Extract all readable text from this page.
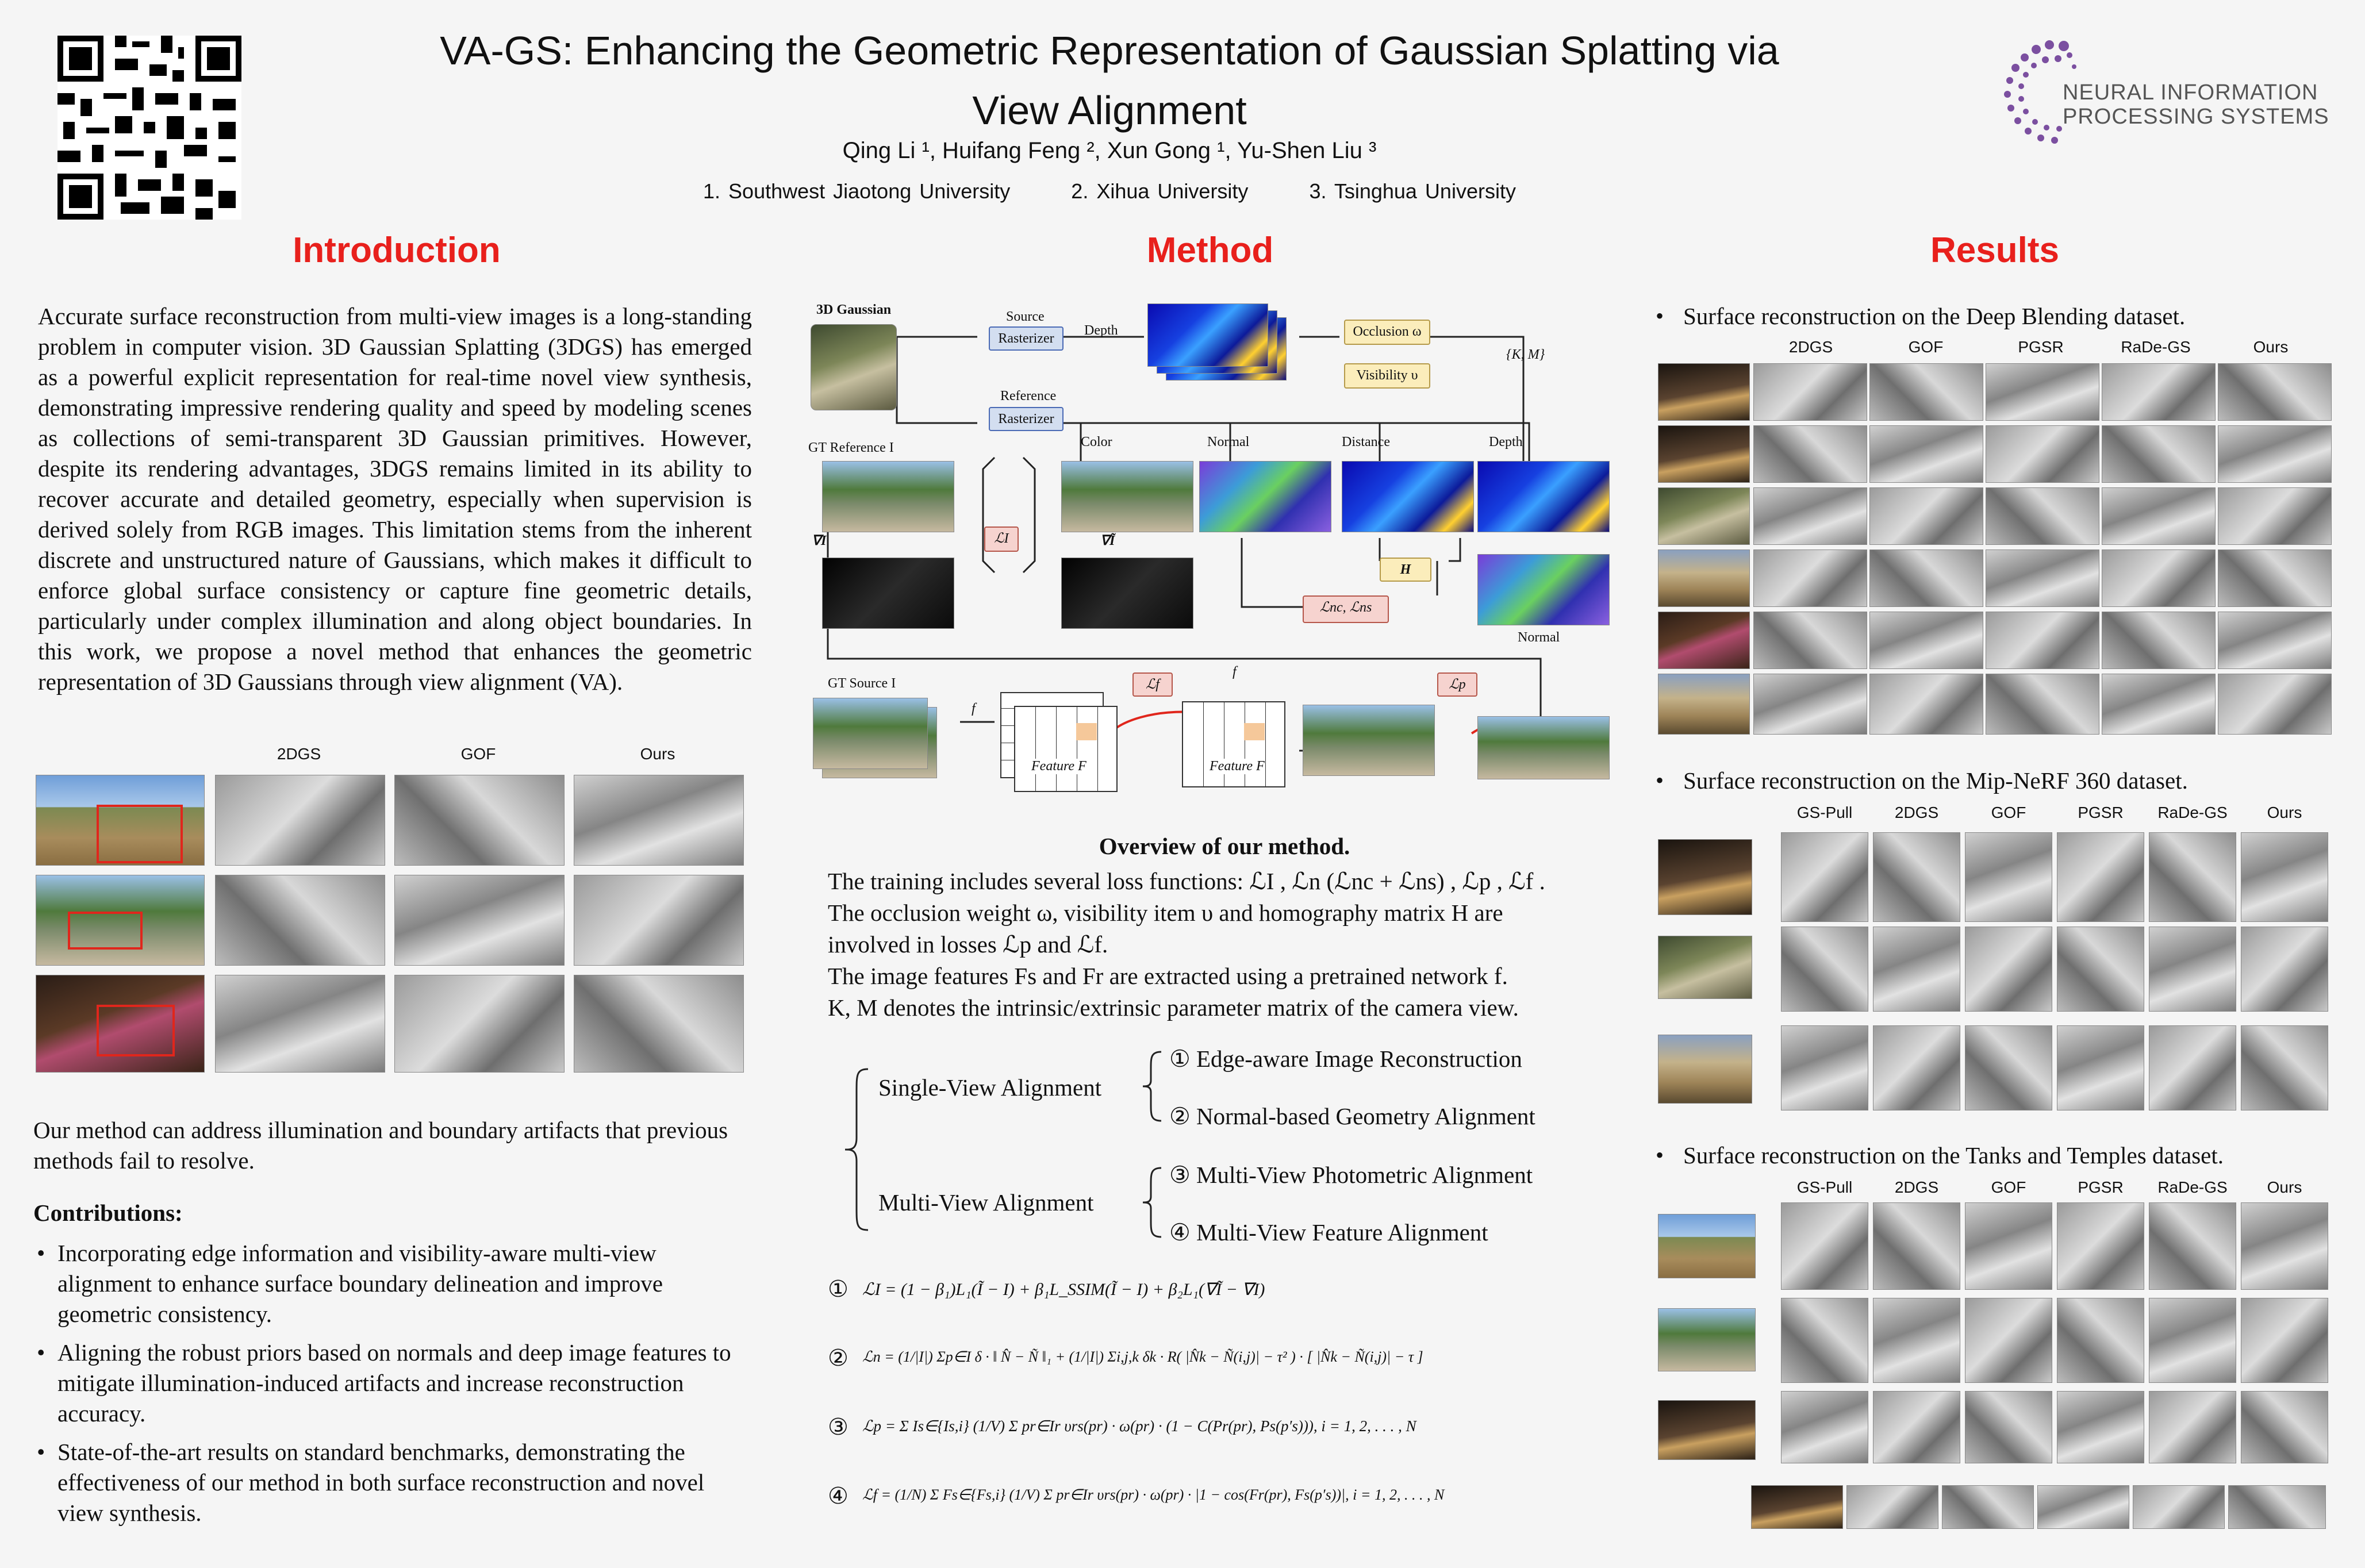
VA-GS: Enhancing the Geometric Representation of Gaussian Splatting via
View Alignment
Qing Li ¹, Huifang Feng ², Xun Gong ¹, Yu-Shen Liu ³
1. Southwest Jiaotong University	2. Xihua University	3. Tsinghua University
NEURAL INFORMATION
PROCESSING SYSTEMS
Introduction
Accurate surface reconstruction from multi-view images is a long-standing problem in computer vision. 3D Gaussian Splatting (3DGS) has emerged as a powerful explicit representation for real-time novel view synthesis, demonstrating impressive rendering quality and speed by modeling scenes as collections of semi-transparent 3D Gaussian primitives. However, despite its rendering advantages, 3DGS remains limited in its ability to recover accurate and detailed geometry, especially when supervision is derived solely from RGB images. This limitation stems from the inherent discrete and unstructured nature of Gaussians, which makes it difficult to enforce global surface consistency or capture fine geometric details, particularly under complex illumination and along object boundaries. In this work, we propose a novel method that enhances the geometric representation of 3D Gaussians through view alignment (VA).
2DGS	GOF	Ours
Our method can address illumination and boundary artifacts that previous methods fail to resolve.
Contributions:
• Incorporating edge information and visibility-aware multi-view alignment to enhance surface boundary delineation and improve geometric consistency.
• Aligning the robust priors based on normals and deep image features to mitigate illumination-induced artifacts and increase reconstruction accuracy.
• State-of-the-art results on standard benchmarks, demonstrating the effectiveness of our method in both surface reconstruction and novel view synthesis.
Method
3D Gaussian	Source
Rasterizer
Depth	Occlusion ω
Visibility υ
{K, M}
Reference
Rasterizer
GT Reference I	Color	Normal	Distance	Depth
∇I	ℒI	∇Ĩ
H
ℒnc, ℒns
Normal
GT Source I
f
Feature F
ℒf
f
Feature F
ℒp
Overview of our method.
The training includes several loss functions: ℒI , ℒn (ℒnc + ℒns) , ℒp , ℒf .
The occlusion weight ω, visibility item υ and homography matrix H are
involved in losses ℒp and ℒf.
The image features Fs and Fr are extracted using a pretrained network f.
K, M denotes the intrinsic/extrinsic parameter matrix of the camera view.
Single-View Alignment
Multi-View Alignment
① Edge-aware Image Reconstruction
② Normal-based Geometry Alignment
③ Multi-View Photometric Alignment
④ Multi-View Feature Alignment
① ℒI = (1 − β₁)L₁(Ĩ − I) + β₁L_SSIM(Ĩ − I) + β₂L₁(∇Ĩ − ∇I)
② ℒn = (1/|I|) Σp∈I δ · ‖ N̂ − Ñ ‖₁ + (1/|I|) Σi,j,k δk · R( |N̂k − Ñ(i,j)| − τ² ) · [ |N̂k − Ñ(i,j)| − τ ]
③ ℒp = Σ Is∈{Is,i} (1/V) Σ pr∈Ir υrs(pr) · ω(pr) · (1 − C(Pr(pr), Ps(p′s))), i = 1, 2, . . . , N
④ ℒf = (1/N) Σ Fs∈{Fs,i} (1/V) Σ pr∈Ir υrs(pr) · ω(pr) · |1 − cos(Fr(pr), Fs(p′s))|, i = 1, 2, . . . , N
Results
• Surface reconstruction on the Deep Blending dataset.
2DGS	GOF	PGSR	RaDe-GS	Ours
• Surface reconstruction on the Mip-NeRF 360 dataset.
GS-Pull	2DGS	GOF	PGSR	RaDe-GS	Ours
• Surface reconstruction on the Tanks and Temples dataset.
GS-Pull	2DGS	GOF	PGSR	RaDe-GS	Ours
